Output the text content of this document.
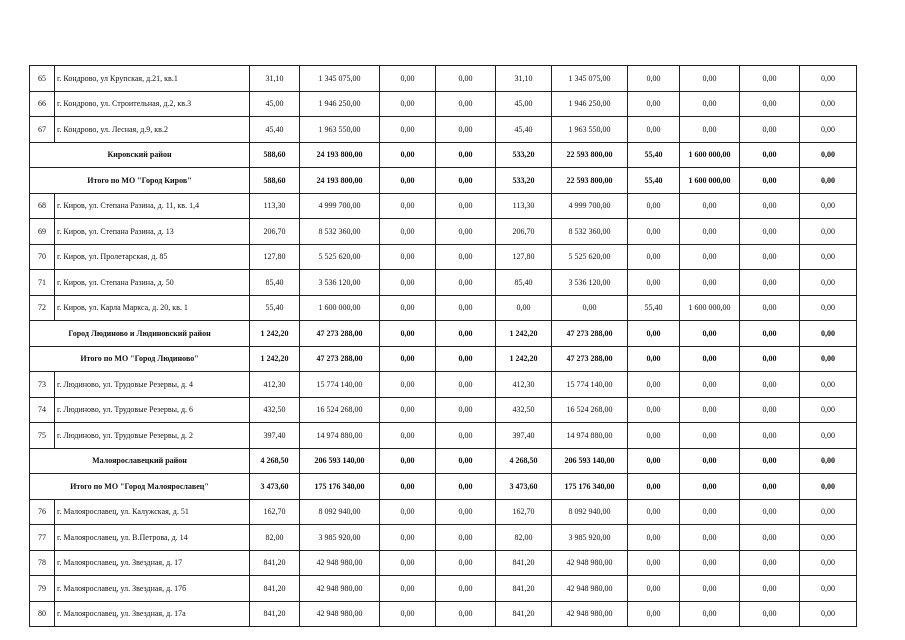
65	г. Кондрово, ул Крупская, д.21, кв.1	31,10	1 345 075,00	0,00	0,00	31,10	1 345 075,00	0,00	0,00	0,00	0,00
66	г. Кондрово, ул. Строительная, д.2, кв.3	45,00	1 946 250,00	0,00	0,00	45,00	1 946 250,00	0,00	0,00	0,00	0,00
67	г. Кондрово, ул. Лесная, д.9, кв.2	45,40	1 963 550,00	0,00	0,00	45,40	1 963 550,00	0,00	0,00	0,00	0,00
Кировский район		588,60	24 193 800,00	0,00	0,00	533,20	22 593 800,00	55,40	1 600 000,00	0,00	0,00
Итого по МО "Город Киров"		588,60	24 193 800,00	0,00	0,00	533,20	22 593 800,00	55,40	1 600 000,00	0,00	0,00
68	г. Киров, ул. Степана Разина, д. 11, кв. 1,4	113,30	4 999 700,00	0,00	0,00	113,30	4 999 700,00	0,00	0,00	0,00	0,00
69	г. Киров, ул. Степана Разина, д. 13	206,70	8 532 360,00	0,00	0,00	206,70	8 532 360,00	0,00	0,00	0,00	0,00
70	г. Киров, ул. Пролетарская, д. 85	127,80	5 525 620,00	0,00	0,00	127,80	5 525 620,00	0,00	0,00	0,00	0,00
71	г. Киров, ул. Степана Разина, д. 50	85,40	3 536 120,00	0,00	0,00	85,40	3 536 120,00	0,00	0,00	0,00	0,00
72	г. Киров, ул. Карла Маркса, д. 20, кв. 1	55,40	1 600 000,00	0,00	0,00	0,00	0,00	55,40	1 600 000,00	0,00	0,00
Город Людиново и Людиновский район		1 242,20	47 273 288,00	0,00	0,00	1 242,20	47 273 288,00	0,00	0,00	0,00	0,00
Итого по МО "Город Людиново"		1 242,20	47 273 288,00	0,00	0,00	1 242,20	47 273 288,00	0,00	0,00	0,00	0,00
73	г. Людиново, ул. Трудовые Резервы, д. 4	412,30	15 774 140,00	0,00	0,00	412,30	15 774 140,00	0,00	0,00	0,00	0,00
74	г. Людиново, ул. Трудовые Резервы, д. 6	432,50	16 524 268,00	0,00	0,00	432,50	16 524 268,00	0,00	0,00	0,00	0,00
75	г. Людиново, ул. Трудовые Резервы, д. 2	397,40	14 974 880,00	0,00	0,00	397,40	14 974 880,00	0,00	0,00	0,00	0,00
Малоярославецкий район		4 268,50	206 593 140,00	0,00	0,00	4 268,50	206 593 140,00	0,00	0,00	0,00	0,00
Итого по МО "Город Малоярославец"		3 473,60	175 176 340,00	0,00	0,00	3 473,60	175 176 340,00	0,00	0,00	0,00	0,00
76	г. Малоярославец, ул. Калужская, д. 51	162,70	8 092 940,00	0,00	0,00	162,70	8 092 940,00	0,00	0,00	0,00	0,00
77	г. Малоярославец, ул. В.Петрова, д. 14	82,00	3 985 920,00	0,00	0,00	82,00	3 985 920,00	0,00	0,00	0,00	0,00
78	г. Малоярославец, ул. Звездная, д. 17	841,20	42 948 980,00	0,00	0,00	841,20	42 948 980,00	0,00	0,00	0,00	0,00
79	г. Малоярославец, ул. Звездная, д. 17б	841,20	42 948 980,00	0,00	0,00	841,20	42 948 980,00	0,00	0,00	0,00	0,00
80	г. Малоярославец, ул. Звездная, д. 17а	841,20	42 948 980,00	0,00	0,00	841,20	42 948 980,00	0,00	0,00	0,00	0,00
